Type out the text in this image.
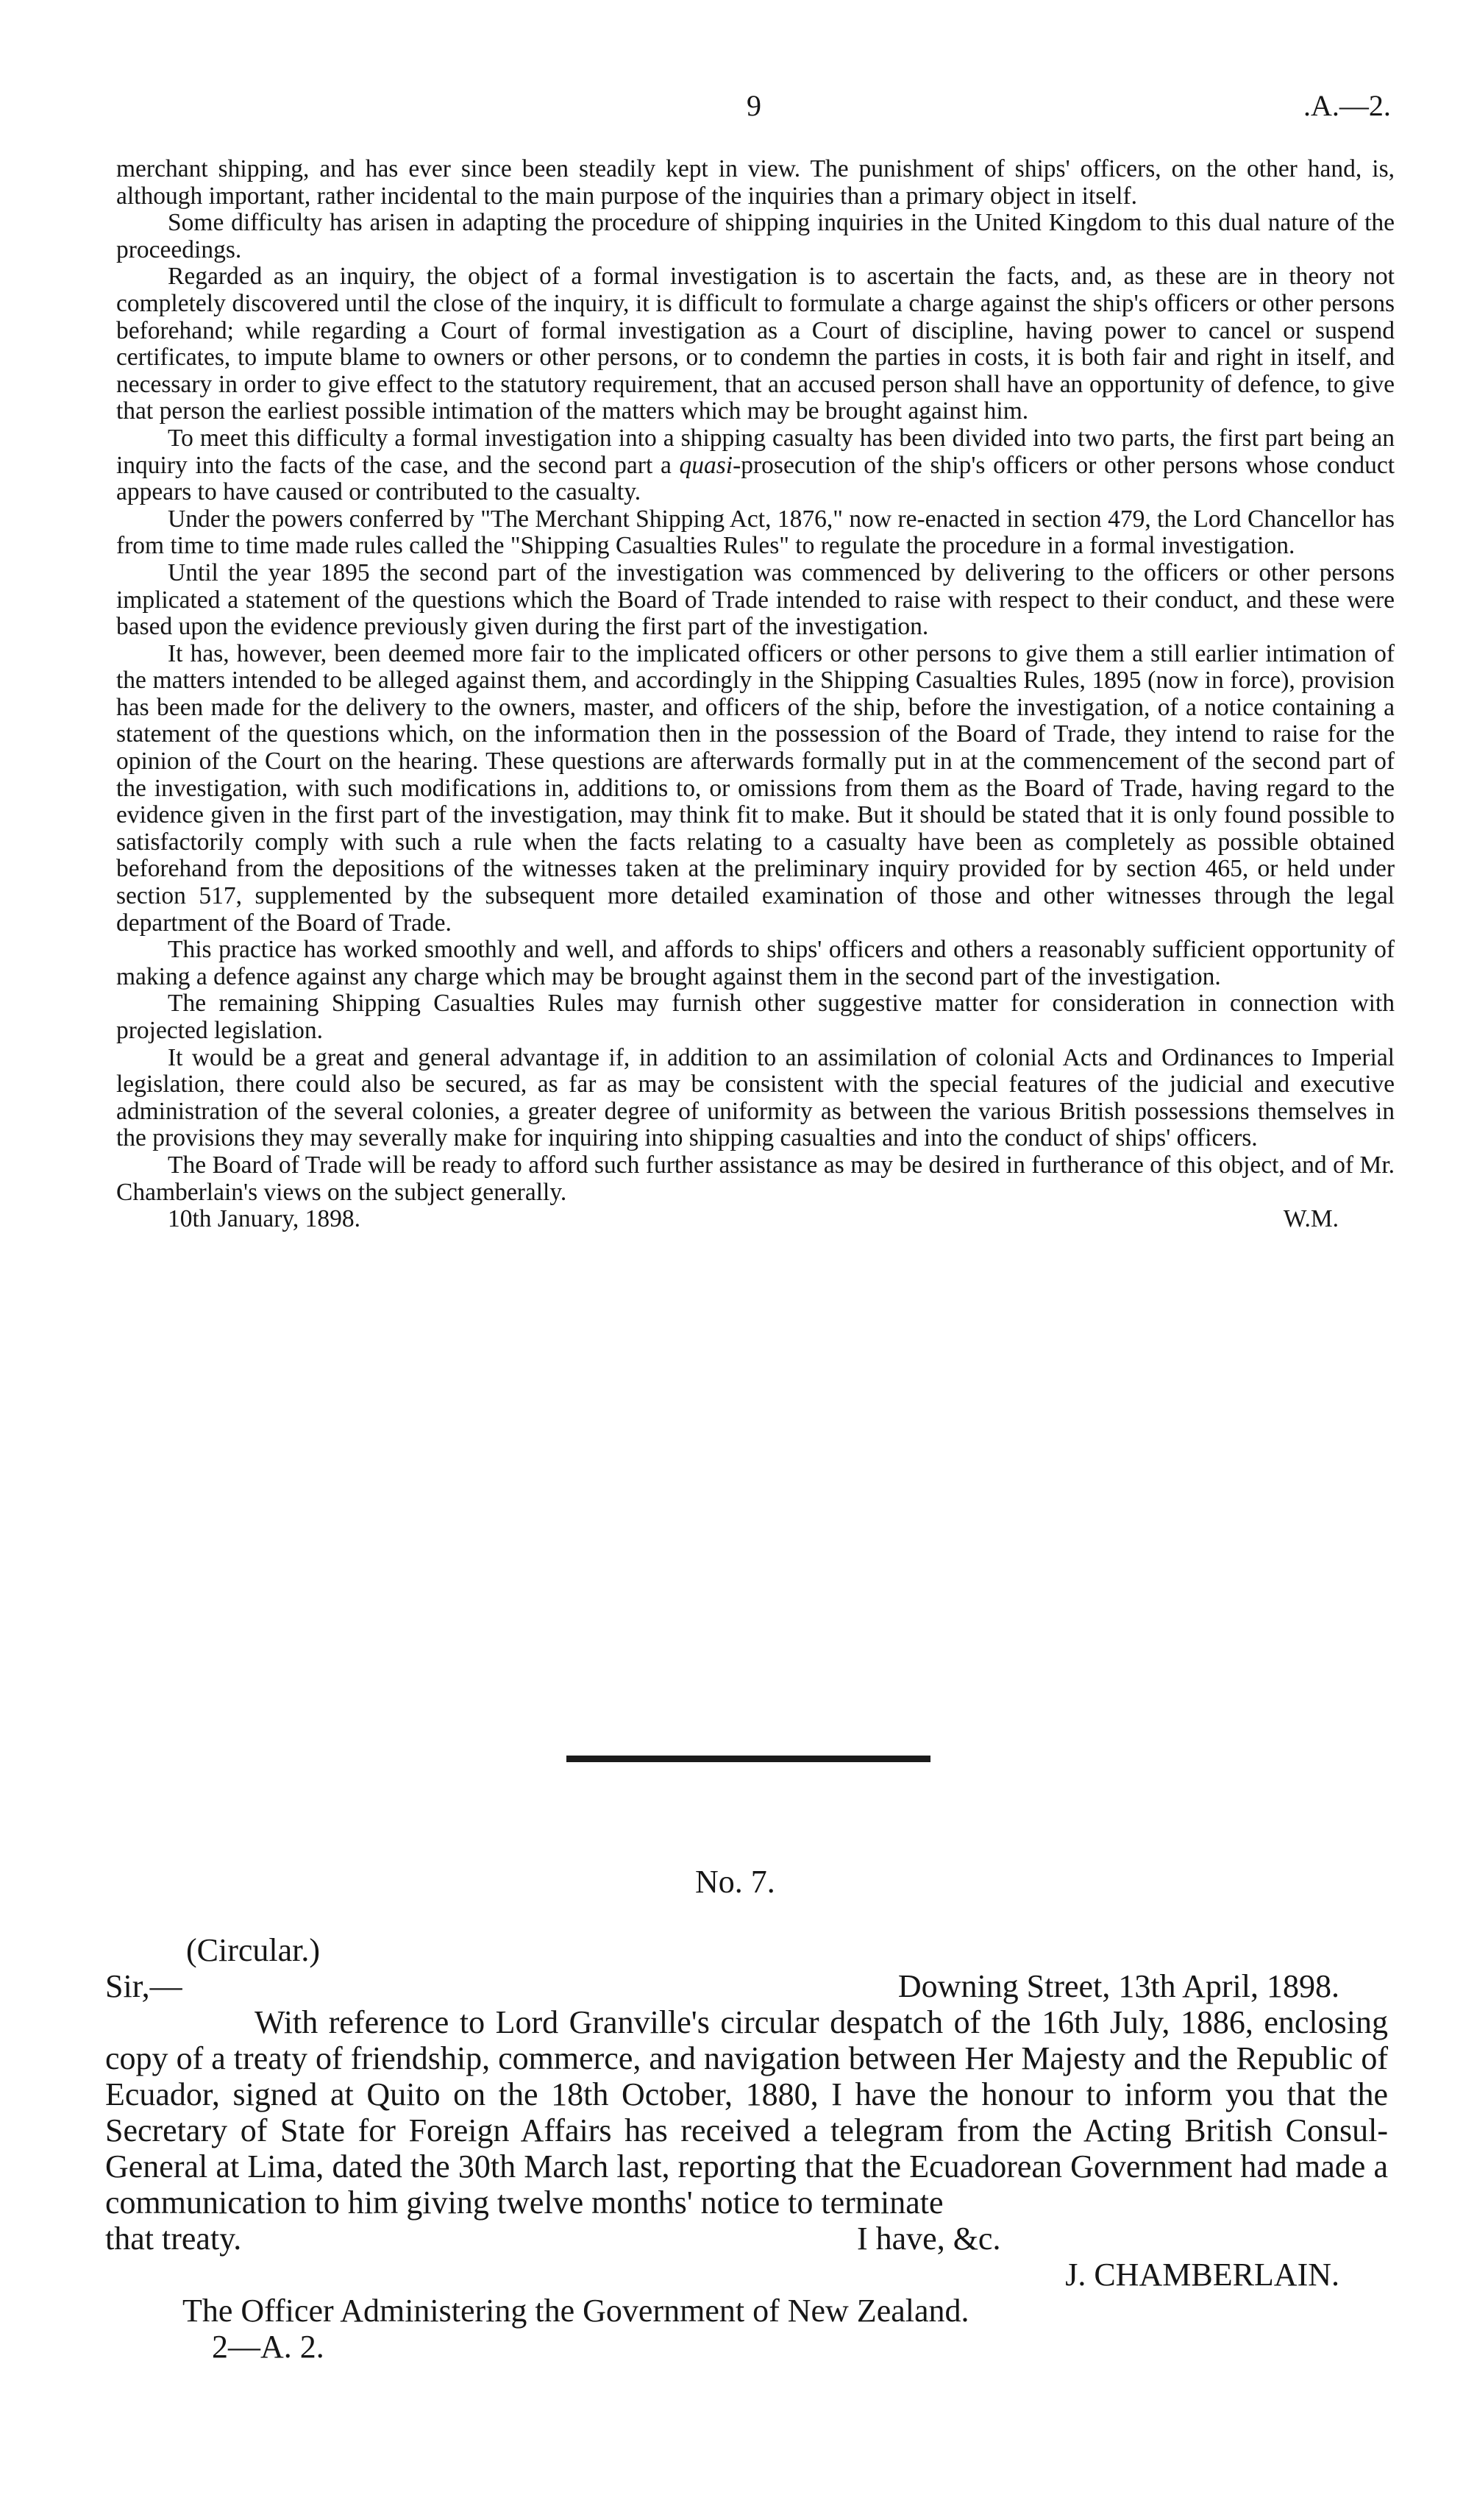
9	.A.—2.

merchant shipping, and has ever since been steadily kept in view. The punishment of ships' officers, on the other hand, is, although important, rather incidental to the main purpose of the inquiries than a primary object in itself.

Some difficulty has arisen in adapting the procedure of shipping inquiries in the United Kingdom to this dual nature of the proceedings.

Regarded as an inquiry, the object of a formal investigation is to ascertain the facts, and, as these are in theory not completely discovered until the close of the inquiry, it is difficult to formulate a charge against the ship's officers or other persons beforehand; while regarding a Court of formal investigation as a Court of discipline, having power to cancel or suspend certificates, to impute blame to owners or other persons, or to condemn the parties in costs, it is both fair and right in itself, and necessary in order to give effect to the statutory requirement, that an accused person shall have an opportunity of defence, to give that person the earliest possible intimation of the matters which may be brought against him.

To meet this difficulty a formal investigation into a shipping casualty has been divided into two parts, the first part being an inquiry into the facts of the case, and the second part a quasi-prosecution of the ship's officers or other persons whose conduct appears to have caused or contributed to the casualty.

Under the powers conferred by "The Merchant Shipping Act, 1876," now re-enacted in section 479, the Lord Chancellor has from time to time made rules called the "Shipping Casualties Rules" to regulate the procedure in a formal investigation.

Until the year 1895 the second part of the investigation was commenced by delivering to the officers or other persons implicated a statement of the questions which the Board of Trade intended to raise with respect to their conduct, and these were based upon the evidence previously given during the first part of the investigation.

It has, however, been deemed more fair to the implicated officers or other persons to give them a still earlier intimation of the matters intended to be alleged against them, and accordingly in the Shipping Casualties Rules, 1895 (now in force), provision has been made for the delivery to the owners, master, and officers of the ship, before the investigation, of a notice containing a statement of the questions which, on the information then in the possession of the Board of Trade, they intend to raise for the opinion of the Court on the hearing. These questions are afterwards formally put in at the commencement of the second part of the investigation, with such modifications in, additions to, or omissions from them as the Board of Trade, having regard to the evidence given in the first part of the investigation, may think fit to make. But it should be stated that it is only found possible to satisfactorily comply with such a rule when the facts relating to a casualty have been as completely as possible obtained beforehand from the depositions of the witnesses taken at the preliminary inquiry provided for by section 465, or held under section 517, supplemented by the subsequent more detailed examination of those and other witnesses through the legal department of the Board of Trade.

This practice has worked smoothly and well, and affords to ships' officers and others a reasonably sufficient opportunity of making a defence against any charge which may be brought against them in the second part of the investigation.

The remaining Shipping Casualties Rules may furnish other suggestive matter for consideration in connection with projected legislation.

It would be a great and general advantage if, in addition to an assimilation of colonial Acts and Ordinances to Imperial legislation, there could also be secured, as far as may be consistent with the special features of the judicial and executive administration of the several colonies, a greater degree of uniformity as between the various British possessions themselves in the provisions they may severally make for inquiring into shipping casualties and into the conduct of ships' officers.

The Board of Trade will be ready to afford such further assistance as may be desired in furtherance of this object, and of Mr. Chamberlain's views on the subject generally.

10th January, 1898.	W.M.
No. 7.
(Circular.)
Sir,—	Downing Street, 13th April, 1898.

With reference to Lord Granville's circular despatch of the 16th July, 1886, enclosing copy of a treaty of friendship, commerce, and navigation between Her Majesty and the Republic of Ecuador, signed at Quito on the 18th October, 1880, I have the honour to inform you that the Secretary of State for Foreign Affairs has received a telegram from the Acting British Consul-General at Lima, dated the 30th March last, reporting that the Ecuadorean Government had made a communication to him giving twelve months' notice to terminate

that treaty.	I have, &c.
J. CHAMBERLAIN.
The Officer Administering the Government of New Zealand.
2—A. 2.
